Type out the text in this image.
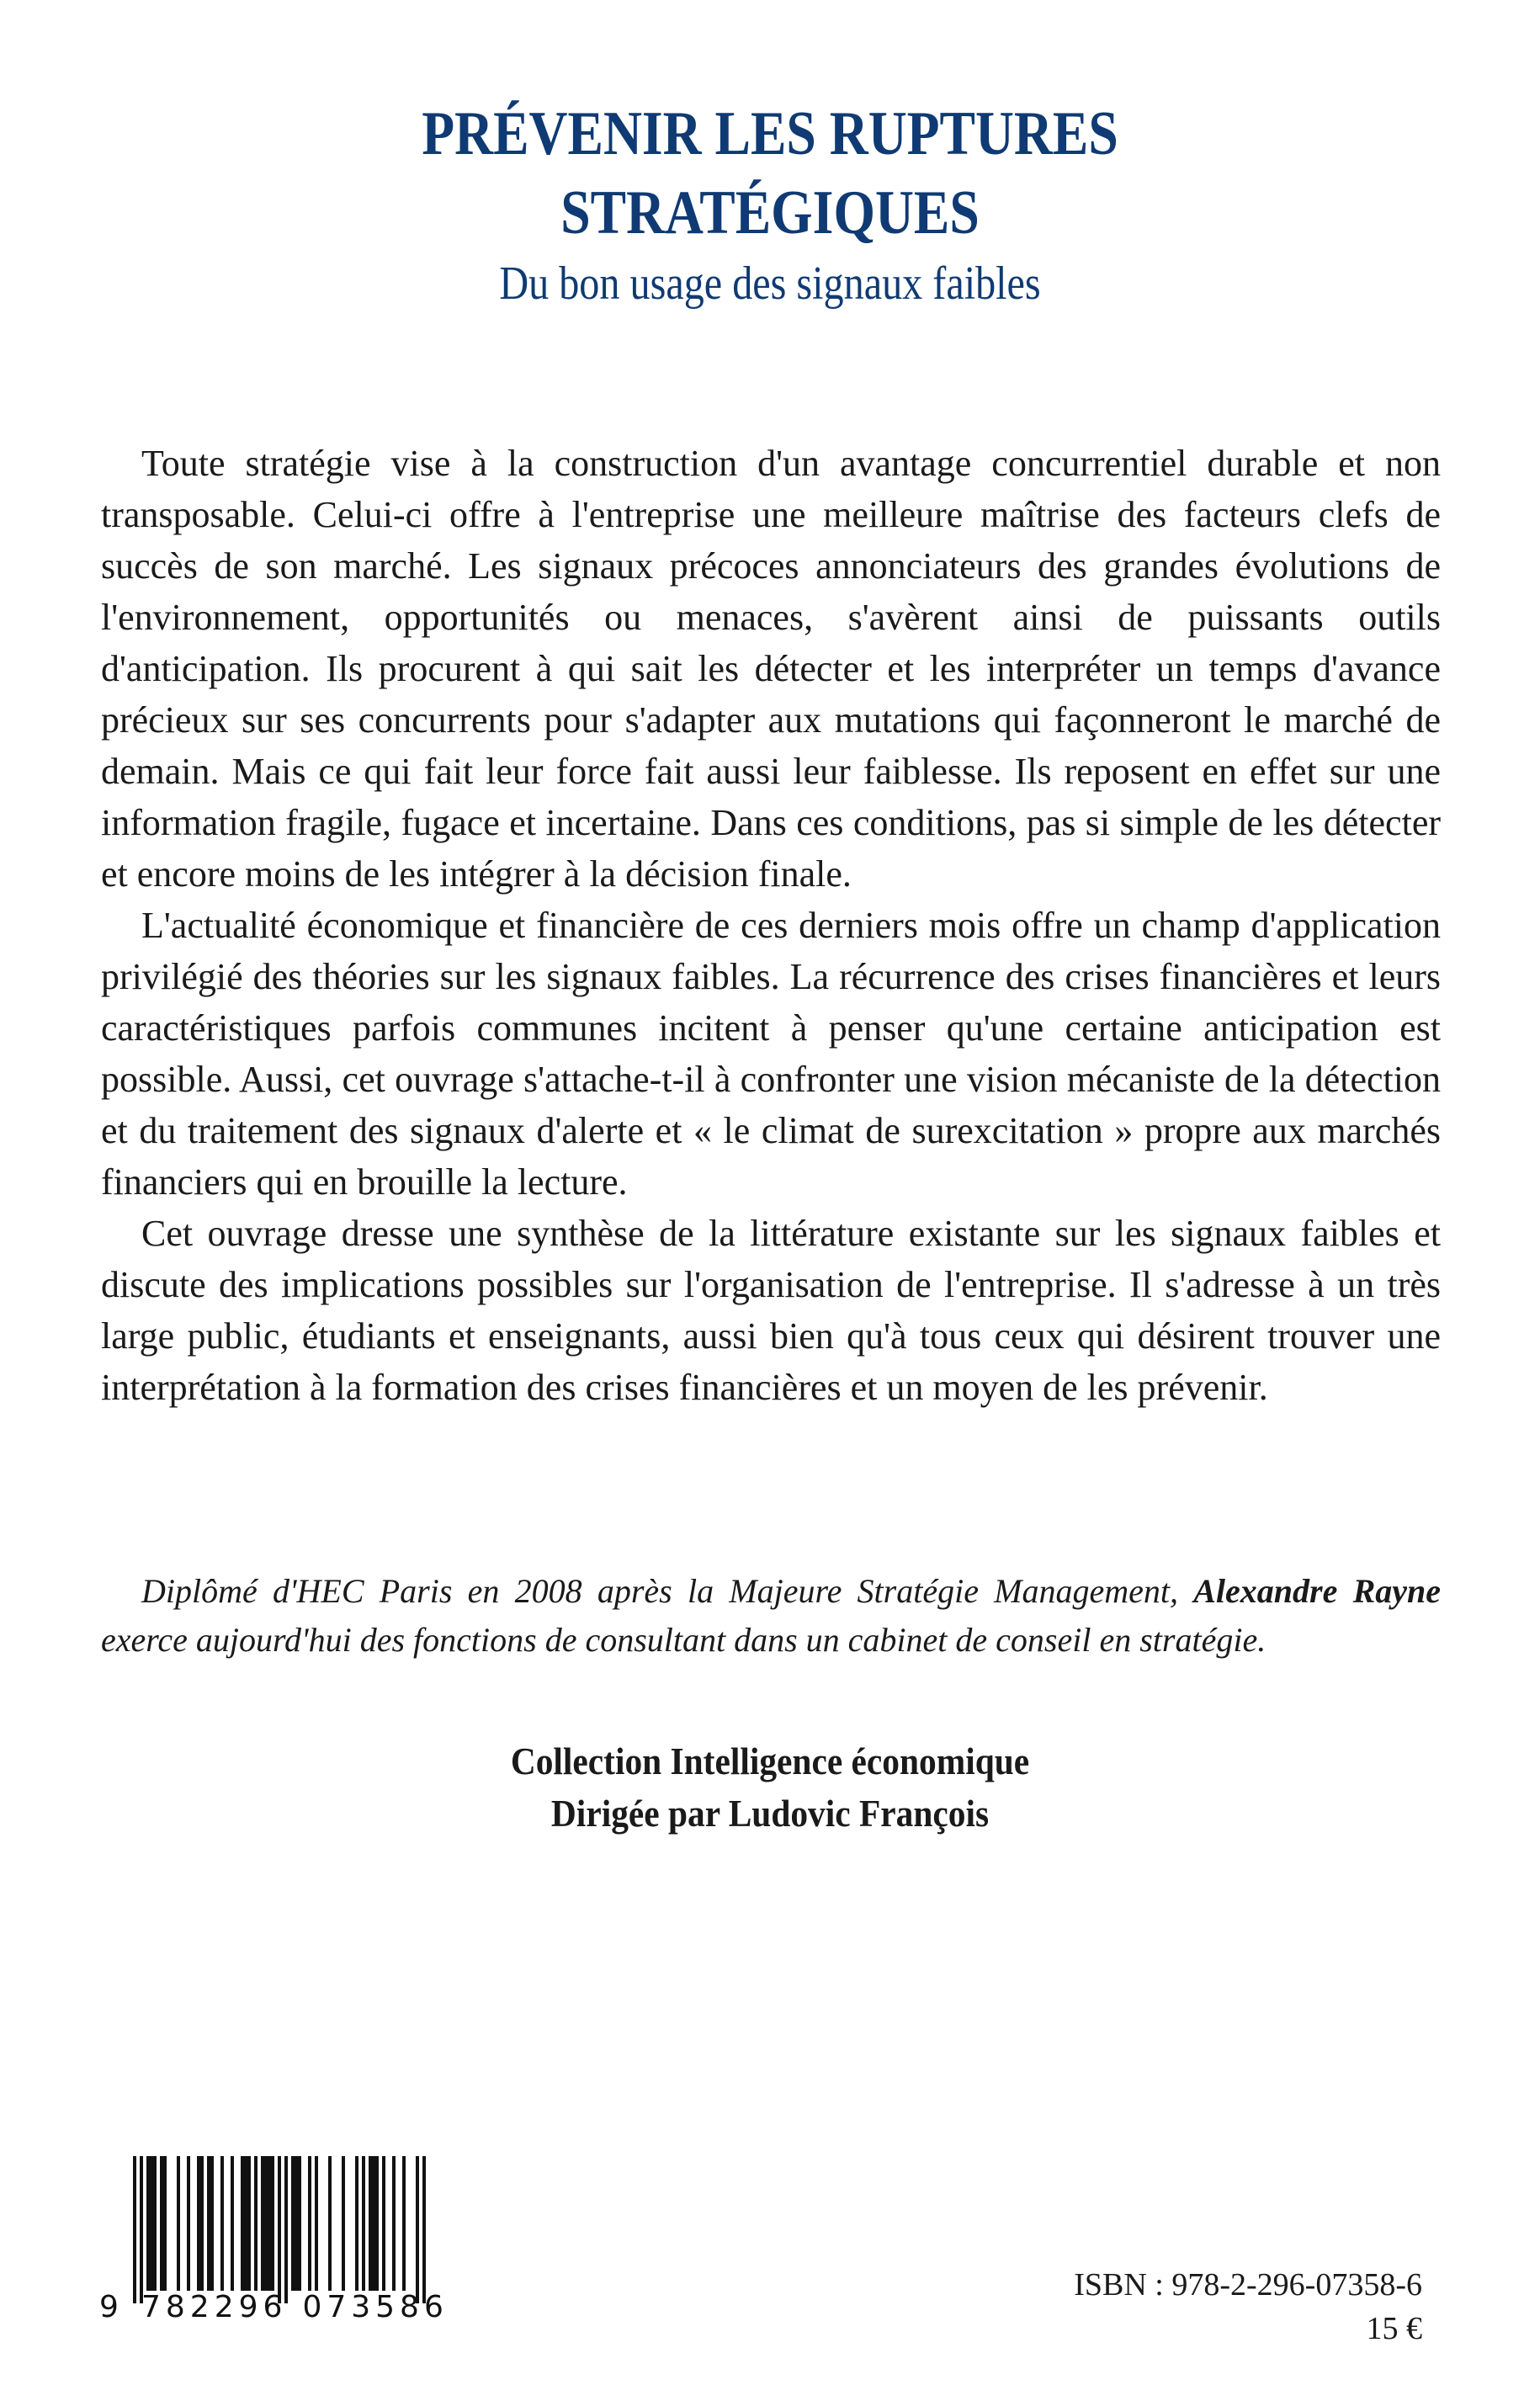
PRÉVENIR LES RUPTURES
STRATÉGIQUES
Du bon usage des signaux faibles

Toute stratégie vise à la construction d'un avantage concurrentiel durable et non transposable. Celui-ci offre à l'entreprise une meilleure maîtrise des facteurs clefs de succès de son marché. Les signaux précoces annonciateurs des grandes évolutions de l'environnement, opportunités ou menaces, s'avèrent ainsi de puissants outils d'anticipation. Ils procurent à qui sait les détecter et les interpréter un temps d'avance précieux sur ses concurrents pour s'adapter aux mutations qui façonneront le marché de demain. Mais ce qui fait leur force fait aussi leur faiblesse. Ils reposent en effet sur une information fragile, fugace et incertaine. Dans ces conditions, pas si simple de les détecter et encore moins de les intégrer à la décision finale.

L'actualité économique et financière de ces derniers mois offre un champ d'application privilégié des théories sur les signaux faibles. La récurrence des crises financières et leurs caractéristiques parfois communes incitent à penser qu'une certaine anticipation est possible. Aussi, cet ouvrage s'attache-t-il à confronter une vision mécaniste de la détection et du traitement des signaux d'alerte et « le climat de surexcitation » propre aux marchés financiers qui en brouille la lecture.

Cet ouvrage dresse une synthèse de la littérature existante sur les signaux faibles et discute des implications possibles sur l'organisation de l'entreprise. Il s'adresse à un très large public, étudiants et enseignants, aussi bien qu'à tous ceux qui désirent trouver une interprétation à la formation des crises financières et un moyen de les prévenir.

Diplômé d'HEC Paris en 2008 après la Majeure Stratégie Management, Alexandre Rayne exerce aujourd'hui des fonctions de consultant dans un cabinet de conseil en stratégie.

Collection Intelligence économique
Dirigée par Ludovic François
9 782296 073586
ISBN : 978-2-296-07358-6
15 €
